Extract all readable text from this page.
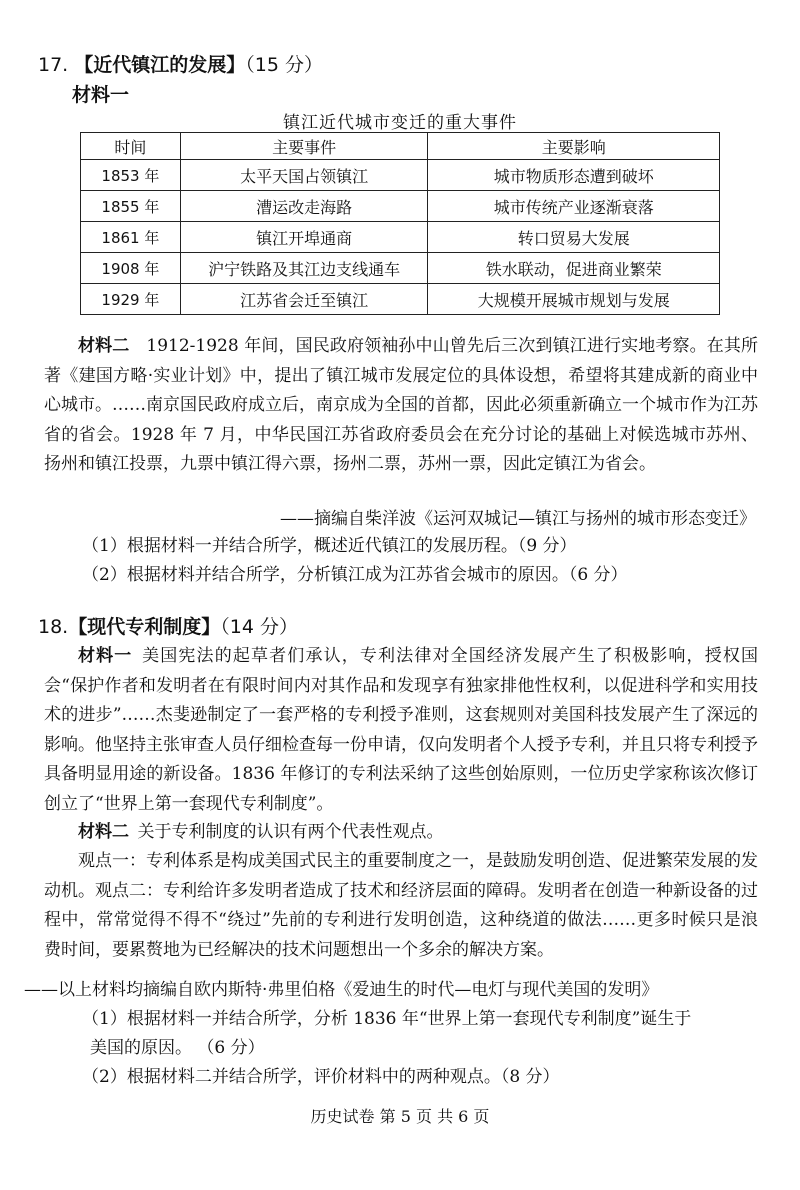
17. 【近代镇江的发展】（15 分）
材料一
镇江近代城市变迁的重大事件
时间	主要事件	主要影响
1853 年	太平天国占领镇江	城市物质形态遭到破坏
1855 年	漕运改走海路	城市传统产业逐渐衰落
1861 年	镇江开埠通商	转口贸易大发展
1908 年	沪宁铁路及其江边支线通车	铁水联动，促进商业繁荣
1929 年	江苏省会迁至镇江	大规模开展城市规划与发展
材料二  1912-1928 年间，国民政府领袖孙中山曾先后三次到镇江进行实地考察。在其所著《建国方略·实业计划》中，提出了镇江城市发展定位的具体设想，希望将其建成新的商业中心城市。……南京国民政府成立后，南京成为全国的首都，因此必须重新确立一个城市作为江苏省的省会。1928 年 7 月，中华民国江苏省政府委员会在充分讨论的基础上对候选城市苏州、扬州和镇江投票，九票中镇江得六票，扬州二票，苏州一票，因此定镇江为省会。
——摘编自柴洋波《运河双城记—镇江与扬州的城市形态变迁》
（1）根据材料一并结合所学，概述近代镇江的发展历程。（9 分）
（2）根据材料并结合所学，分析镇江成为江苏省会城市的原因。（6 分）
18.【现代专利制度】（14 分）
材料一  美国宪法的起草者们承认，专利法律对全国经济发展产生了积极影响，授权国会“保护作者和发明者在有限时间内对其作品和发现享有独家排他性权利，以促进科学和实用技术的进步”……杰斐逊制定了一套严格的专利授予准则，这套规则对美国科技发展产生了深远的影响。他坚持主张审查人员仔细检查每一份申请，仅向发明者个人授予专利，并且只将专利授予具备明显用途的新设备。1836 年修订的专利法采纳了这些创始原则，一位历史学家称该次修订创立了“世界上第一套现代专利制度”。
材料二  关于专利制度的认识有两个代表性观点。
观点一：专利体系是构成美国式民主的重要制度之一，是鼓励发明创造、促进繁荣发展的发动机。观点二：专利给许多发明者造成了技术和经济层面的障碍。发明者在创造一种新设备的过程中，常常觉得不得不“绕过”先前的专利进行发明创造，这种绕道的做法……更多时候只是浪费时间，要累赘地为已经解决的技术问题想出一个多余的解决方案。
——以上材料均摘编自欧内斯特·弗里伯格《爱迪生的时代—电灯与现代美国的发明》
（1）根据材料一并结合所学，分析 1836 年“世界上第一套现代专利制度”诞生于
美国的原因。 （6 分）
（2）根据材料二并结合所学，评价材料中的两种观点。（8 分）
历史试卷 第 5 页 共 6 页
